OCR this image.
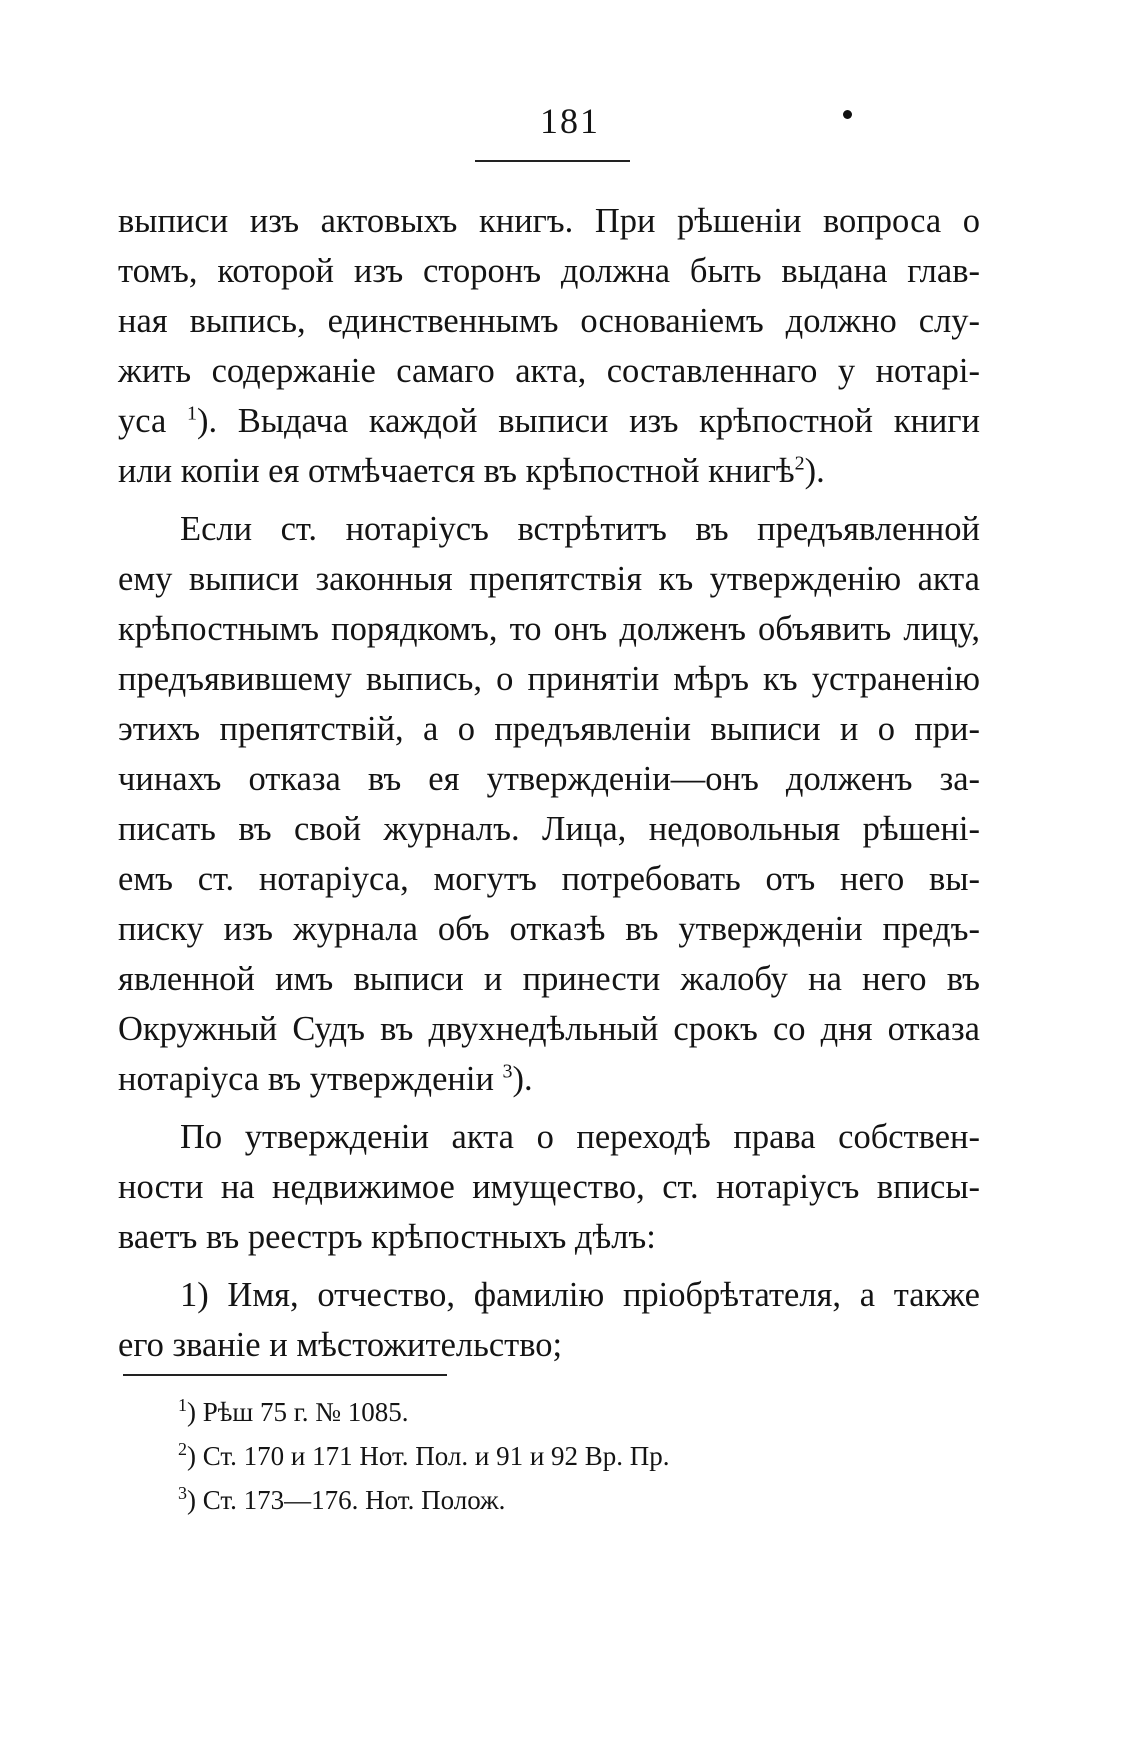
181
выписи изъ актовыхъ книгъ. При рѣшеніи вопроса о
томъ, которой изъ сторонъ должна быть выдана глав-
ная выпись, единственнымъ основаніемъ должно слу-
жить содержаніе самаго акта, составленнаго у нотарі-
уса $^1$). Выдача каждой выписи изъ крѣпостной книги
или копіи ея отмѣчается въ крѣпостной книгѣ$^2$).
Если ст. нотаріусъ встрѣтитъ въ предъявленной
ему выписи законныя препятствія къ утвержденію акта
крѣпостнымъ порядкомъ, то онъ долженъ объявить лицу,
предъявившему выпись, о принятіи мѣръ къ устраненію
этихъ препятствій, а о предъявленіи выписи и о при-
чинахъ отказа въ ея утвержденіи—онъ долженъ за-
писать въ свой журналъ. Лица, недовольныя рѣшені-
емъ ст. нотаріуса, могутъ потребовать отъ него вы-
писку изъ журнала объ отказѣ въ утвержденіи предъ-
явленной имъ выписи и принести жалобу на него въ
Окружный Судъ въ двухнедѣльный срокъ со дня отказа
нотаріуса въ утвержденіи $^3$).
По утвержденіи акта о переходѣ права собствен-
ности на недвижимое имущество, ст. нотаріусъ вписы-
ваетъ въ реестръ крѣпостныхъ дѣлъ:
1) Имя, отчество, фамилію пріобрѣтателя, а также
его званіе и мѣстожительство;
$^1$) Рѣш 75 г. № 1085.
$^2$) Ст. 170 и 171 Нот. Пол. и 91 и 92 Вр. Пр.
$^3$) Ст. 173—176. Нот. Полож.
